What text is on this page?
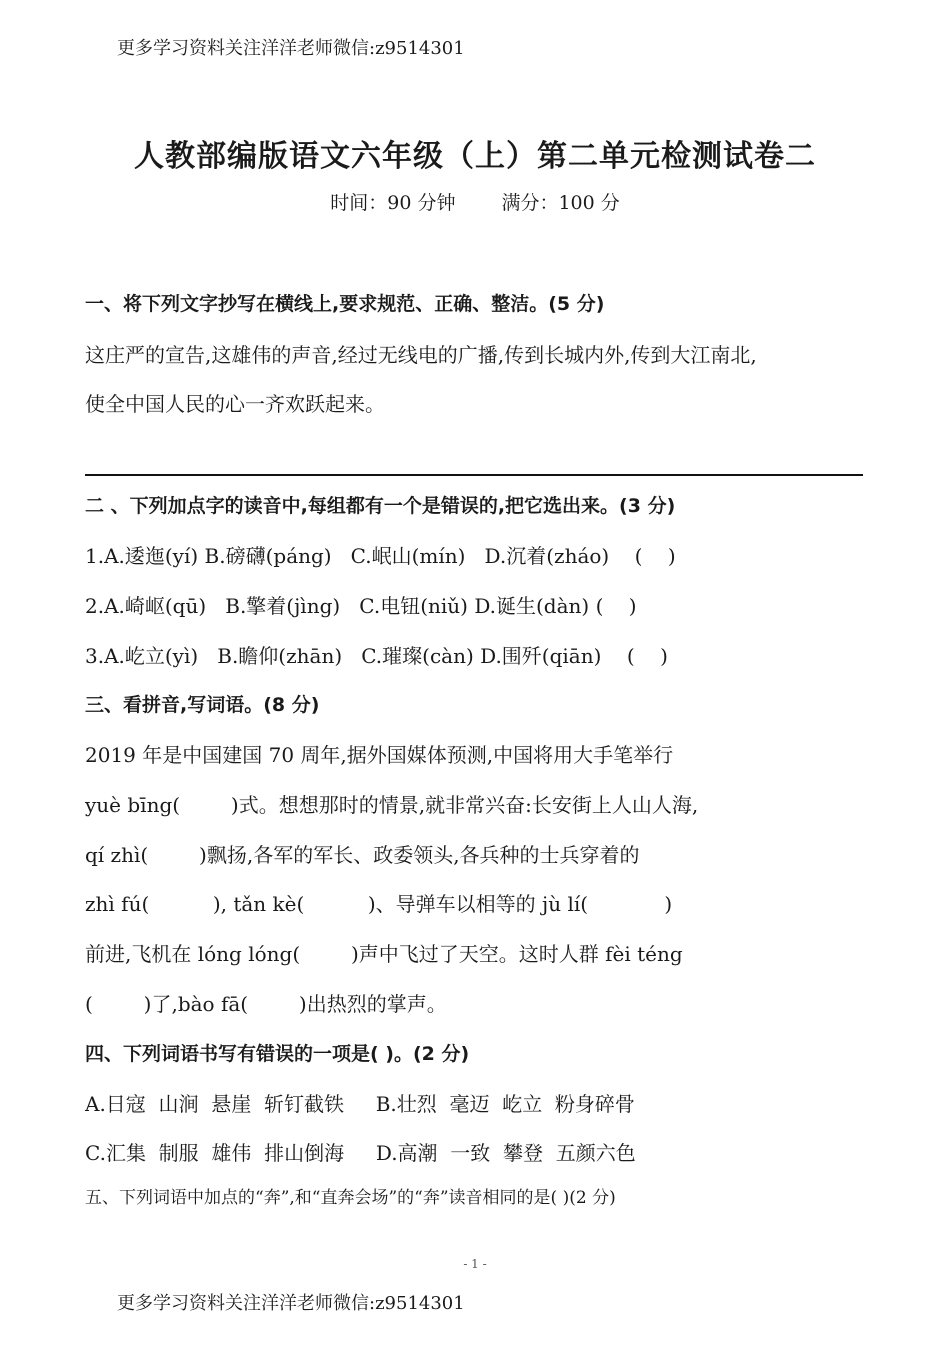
更多学习资料关注洋洋老师微信:z9514301
人教部编版语文六年级（上）第二单元检测试卷二
时间：90 分钟 满分：100 分
一、将下列文字抄写在横线上,要求规范、正确、整洁。(5 分)
这庄严的宣告,这雄伟的声音,经过无线电的广播,传到长城内外,传到大江南北,
使全中国人民的心一齐欢跃起来。
二 、下列加点字的读音中,每组都有一个是错误的,把它选出来。(3 分)
1.A.逶迤(yí) B.磅礴(páng)   C.岷山(mín)   D.沉着(zháo)    (    )
2.A.崎岖(qū)   B.擎着(jìng)   C.电钮(niǔ) D.诞生(dàn) (    )
3.A.屹立(yì)   B.瞻仰(zhān)   C.璀璨(càn) D.围歼(qiān)    (    )
三、看拼音,写词语。(8 分)
2019 年是中国建国 70 周年,据外国媒体预测,中国将用大手笔举行
yuè bīng(        )式。想想那时的情景,就非常兴奋:长安街上人山人海,
qí zhì(        )飘扬,各军的军长、政委领头,各兵种的士兵穿着的
zhì fú(          ), tǎn kè(          )、导弹车以相等的 jù lí(            )
前进,飞机在 lóng lóng(        )声中飞过了天空。这时人群 fèi téng
(        )了,bào fā(        )出热烈的掌声。
四、下列词语书写有错误的一项是( )。(2 分)
A.日寇  山涧  悬崖  斩钉截铁     B.壮烈  毫迈  屹立  粉身碎骨
C.汇集  制服  雄伟  排山倒海     D.高潮  一致  攀登  五颜六色
五、下列词语中加点的“奔”,和“直奔会场”的“奔”读音相同的是( )(2 分)
- 1 -
更多学习资料关注洋洋老师微信:z9514301
